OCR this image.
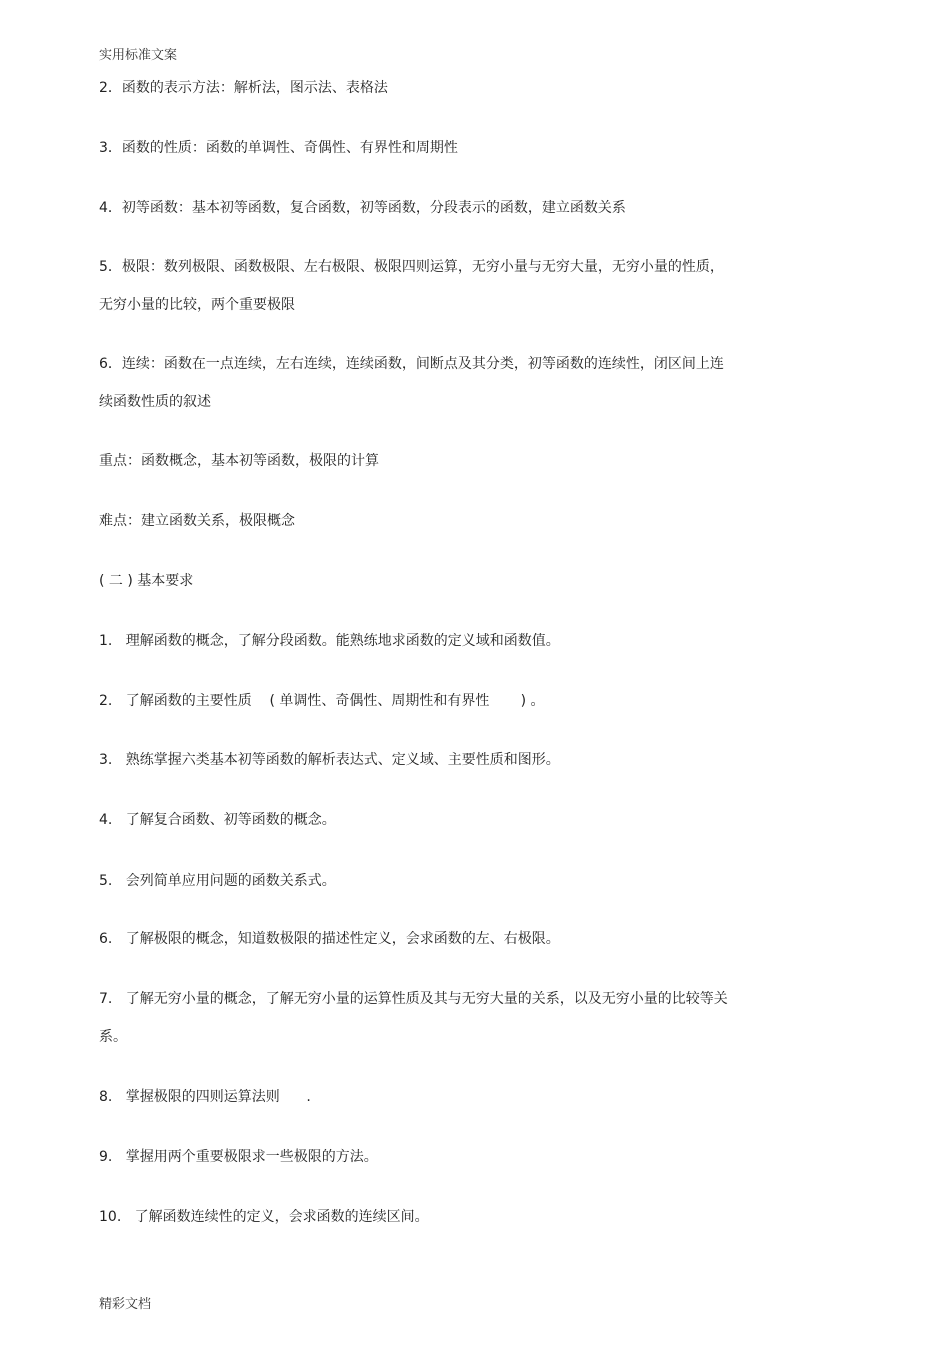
实用标准文案
2．函数的表示方法：解析法，图示法、表格法
3．函数的性质：函数的单调性、奇偶性、有界性和周期性
4．初等函数：基本初等函数，复合函数，初等函数，分段表示的函数，建立函数关系
5．极限：数列极限、函数极限、左右极限、极限四则运算，无穷小量与无穷大量，无穷小量的性质，
无穷小量的比较，两个重要极限
6．连续：函数在一点连续，左右连续，连续函数，间断点及其分类，初等函数的连续性，闭区间上连
续函数性质的叙述
重点：函数概念，基本初等函数，极限的计算
难点：建立函数关系，极限概念
( 二 ) 基本要求
1.   理解函数的概念，了解分段函数。能熟练地求函数的定义域和函数值。
2.   了解函数的主要性质    ( 单调性、奇偶性、周期性和有界性       ) 。
3.   熟练掌握六类基本初等函数的解析表达式、定义域、主要性质和图形。
4.   了解复合函数、初等函数的概念。
5.   会列简单应用问题的函数关系式。
6.   了解极限的概念，知道数极限的描述性定义，会求函数的左、右极限。
7.   了解无穷小量的概念，了解无穷小量的运算性质及其与无穷大量的关系，以及无穷小量的比较等关
系。
8.   掌握极限的四则运算法则      .
9.   掌握用两个重要极限求一些极限的方法。
10.   了解函数连续性的定义，会求函数的连续区间。
精彩文档
